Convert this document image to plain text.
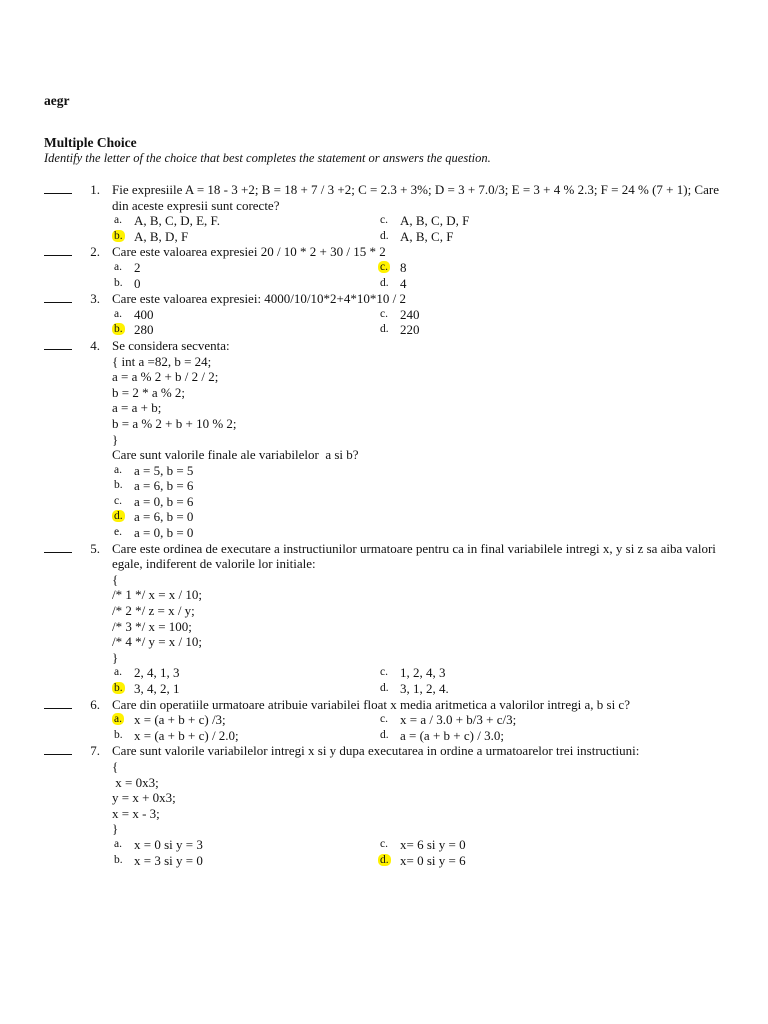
aegr
Multiple Choice
Identify the letter of the choice that best completes the statement or answers the question.
1. Fie expresiile A = 18 - 3 +2; B = 18 + 7 / 3 +2; C = 2.3 + 3%; D = 3 + 7.0/3; E = 3 + 4 % 2.3; F = 24 % (7 + 1); Care din aceste expresii sunt corecte?
a. A, B, C, D, E, F.	c. A, B, C, D, F
b. A, B, D, F	d. A, B, C, F
2. Care este valoarea expresiei 20 / 10 * 2 + 30 / 15 * 2
a. 2	c. 8
b. 0	d. 4
3. Care este valoarea expresiei: 4000/10/10*2+4*10*10 / 2
a. 400	c. 240
b. 280	d. 220
4. Se considera secventa:
{ int a =82, b = 24;
a = a % 2 + b / 2 / 2;
b = 2 * a % 2;
a = a + b;
b = a % 2 + b + 10 % 2;
}
Care sunt valorile finale ale variabilelor  a si b?
a. a = 5, b = 5
b. a = 6, b = 6
c. a = 0, b = 6
d. a = 6, b = 0
e. a = 0, b = 0
5. Care este ordinea de executare a instructiunilor urmatoare pentru ca in final variabilele intregi x, y si z sa aiba valori egale, indiferent de valorile lor initiale:
{
/* 1 */ x = x / 10;
/* 2 */ z = x / y;
/* 3 */ x = 100;
/* 4 */ y = x / 10;
}
a. 2, 4, 1, 3	c. 1, 2, 4, 3
b. 3, 4, 2, 1	d. 3, 1, 2, 4.
6. Care din operatiile urmatoare atribuie variabilei float x media aritmetica a valorilor intregi a, b si c?
a. x = (a + b + c) /3;	c. x = a / 3.0 + b/3 + c/3;
b. x = (a + b + c) / 2.0;	d. a = (a + b + c) / 3.0;
7. Care sunt valorile variabilelor intregi x si y dupa executarea in ordine a urmatoarelor trei instructiuni:
{
x = 0x3;
y = x + 0x3;
x = x - 3;
}
a. x = 0 si y = 3	c. x= 6 si y = 0
b. x = 3 si y = 0	d. x= 0 si y = 6
